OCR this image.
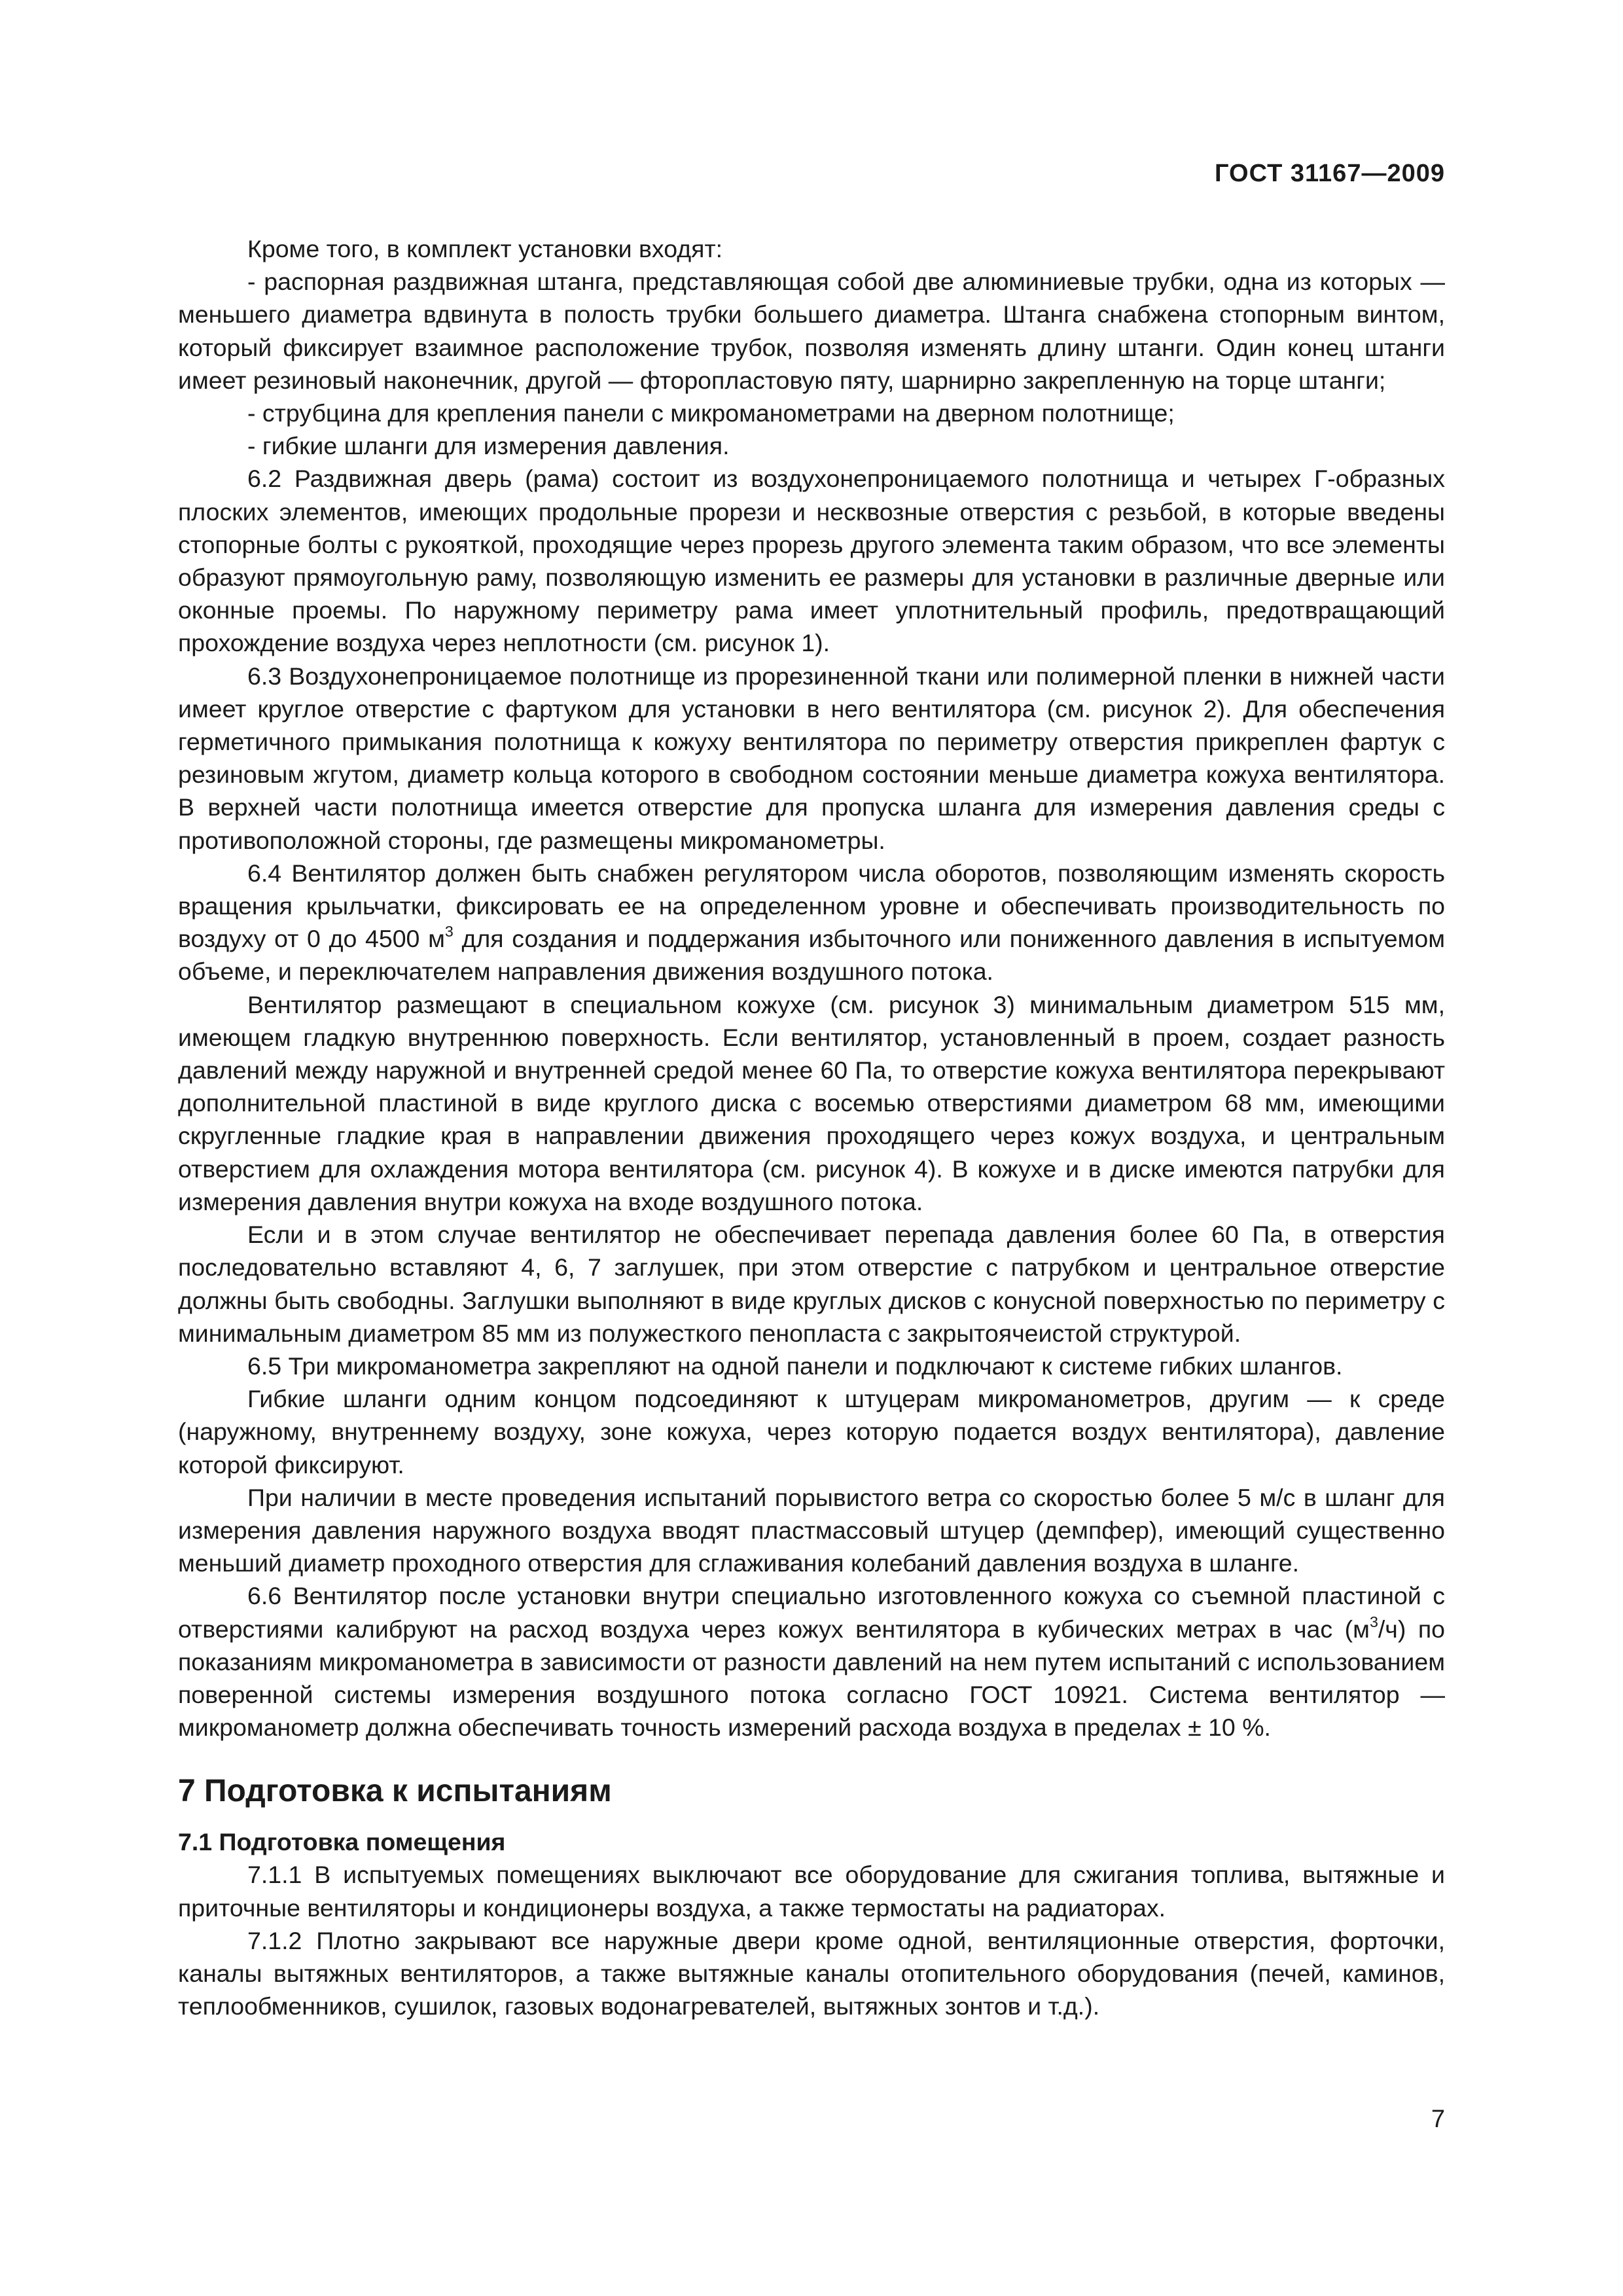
ГОСТ 31167—2009

Кроме того, в комплект установки входят:

- распорная раздвижная штанга, представляющая собой две алюминиевые трубки, одна из которых — меньшего диаметра вдвинута в полость трубки большего диаметра. Штанга снабжена стопорным винтом, который фиксирует взаимное расположение трубок, позволяя изменять длину штанги. Один конец штанги имеет резиновый наконечник, другой — фторопластовую пяту, шарнирно закрепленную на торце штанги;

- струбцина для крепления панели с микроманометрами на дверном полотнище;

- гибкие шланги для измерения давления.

6.2 Раздвижная дверь (рама) состоит из воздухонепроницаемого полотнища и четырех Г-образных плоских элементов, имеющих продольные прорези и несквозные отверстия с резьбой, в которые введены стопорные болты с рукояткой, проходящие через прорезь другого элемента таким образом, что все элементы образуют прямоугольную раму, позволяющую изменить ее размеры для установки в различные дверные или оконные проемы. По наружному периметру рама имеет уплотнительный профиль, предотвращающий прохождение воздуха через неплотности (см. рисунок 1).

6.3 Воздухонепроницаемое полотнище из прорезиненной ткани или полимерной пленки в нижней части имеет круглое отверстие с фартуком для установки в него вентилятора (см. рисунок 2). Для обеспечения герметичного примыкания полотнища к кожуху вентилятора по периметру отверстия прикреплен фартук с резиновым жгутом, диаметр кольца которого в свободном состоянии меньше диаметра кожуха вентилятора. В верхней части полотнища имеется отверстие для пропуска шланга для измерения давления среды с противоположной стороны, где размещены микроманометры.

6.4 Вентилятор должен быть снабжен регулятором числа оборотов, позволяющим изменять скорость вращения крыльчатки, фиксировать ее на определенном уровне и обеспечивать производительность по воздуху от 0 до 4500 $м^3$ для создания и поддержания избыточного или пониженного давления в испытуемом объеме, и переключателем направления движения воздушного потока.

Вентилятор размещают в специальном кожухе (см. рисунок 3) минимальным диаметром 515 мм, имеющем гладкую внутреннюю поверхность. Если вентилятор, установленный в проем, создает разность давлений между наружной и внутренней средой менее 60 Па, то отверстие кожуха вентилятора перекрывают дополнительной пластиной в виде круглого диска с восемью отверстиями диаметром 68 мм, имеющими скругленные гладкие края в направлении движения проходящего через кожух воздуха, и центральным отверстием для охлаждения мотора вентилятора (см. рисунок 4). В кожухе и в диске имеются патрубки для измерения давления внутри кожуха на входе воздушного потока.

Если и в этом случае вентилятор не обеспечивает перепада давления более 60 Па, в отверстия последовательно вставляют 4, 6, 7 заглушек, при этом отверстие с патрубком и центральное отверстие должны быть свободны. Заглушки выполняют в виде круглых дисков с конусной поверхностью по периметру с минимальным диаметром 85 мм из полужесткого пенопласта с закрытоячеистой структурой.

6.5 Три микроманометра закрепляют на одной панели и подключают к системе гибких шлангов.

Гибкие шланги одним концом подсоединяют к штуцерам микроманометров, другим — к среде (наружному, внутреннему воздуху, зоне кожуха, через которую подается воздух вентилятора), давление которой фиксируют.

При наличии в месте проведения испытаний порывистого ветра со скоростью более 5 м/с в шланг для измерения давления наружного воздуха вводят пластмассовый штуцер (демпфер), имеющий существенно меньший диаметр проходного отверстия для сглаживания колебаний давления воздуха в шланге.

6.6 Вентилятор после установки внутри специально изготовленного кожуха со съемной пластиной с отверстиями калибруют на расход воздуха через кожух вентилятора в кубических метрах в час $(м^3/ч)$ по показаниям микроманометра в зависимости от разности давлений на нем путем испытаний с использованием поверенной системы измерения воздушного потока согласно ГОСТ 10921. Система вентилятор — микроманометр должна обеспечивать точность измерений расхода воздуха в пределах ± 10 %.

7 Подготовка к испытаниям
7.1 Подготовка помещения

7.1.1 В испытуемых помещениях выключают все оборудование для сжигания топлива, вытяжные и приточные вентиляторы и кондиционеры воздуха, а также термостаты на радиаторах.

7.1.2 Плотно закрывают все наружные двери кроме одной, вентиляционные отверстия, форточки, каналы вытяжных вентиляторов, а также вытяжные каналы отопительного оборудования (печей, каминов, теплообменников, сушилок, газовых водонагревателей, вытяжных зонтов и т.д.).

7
